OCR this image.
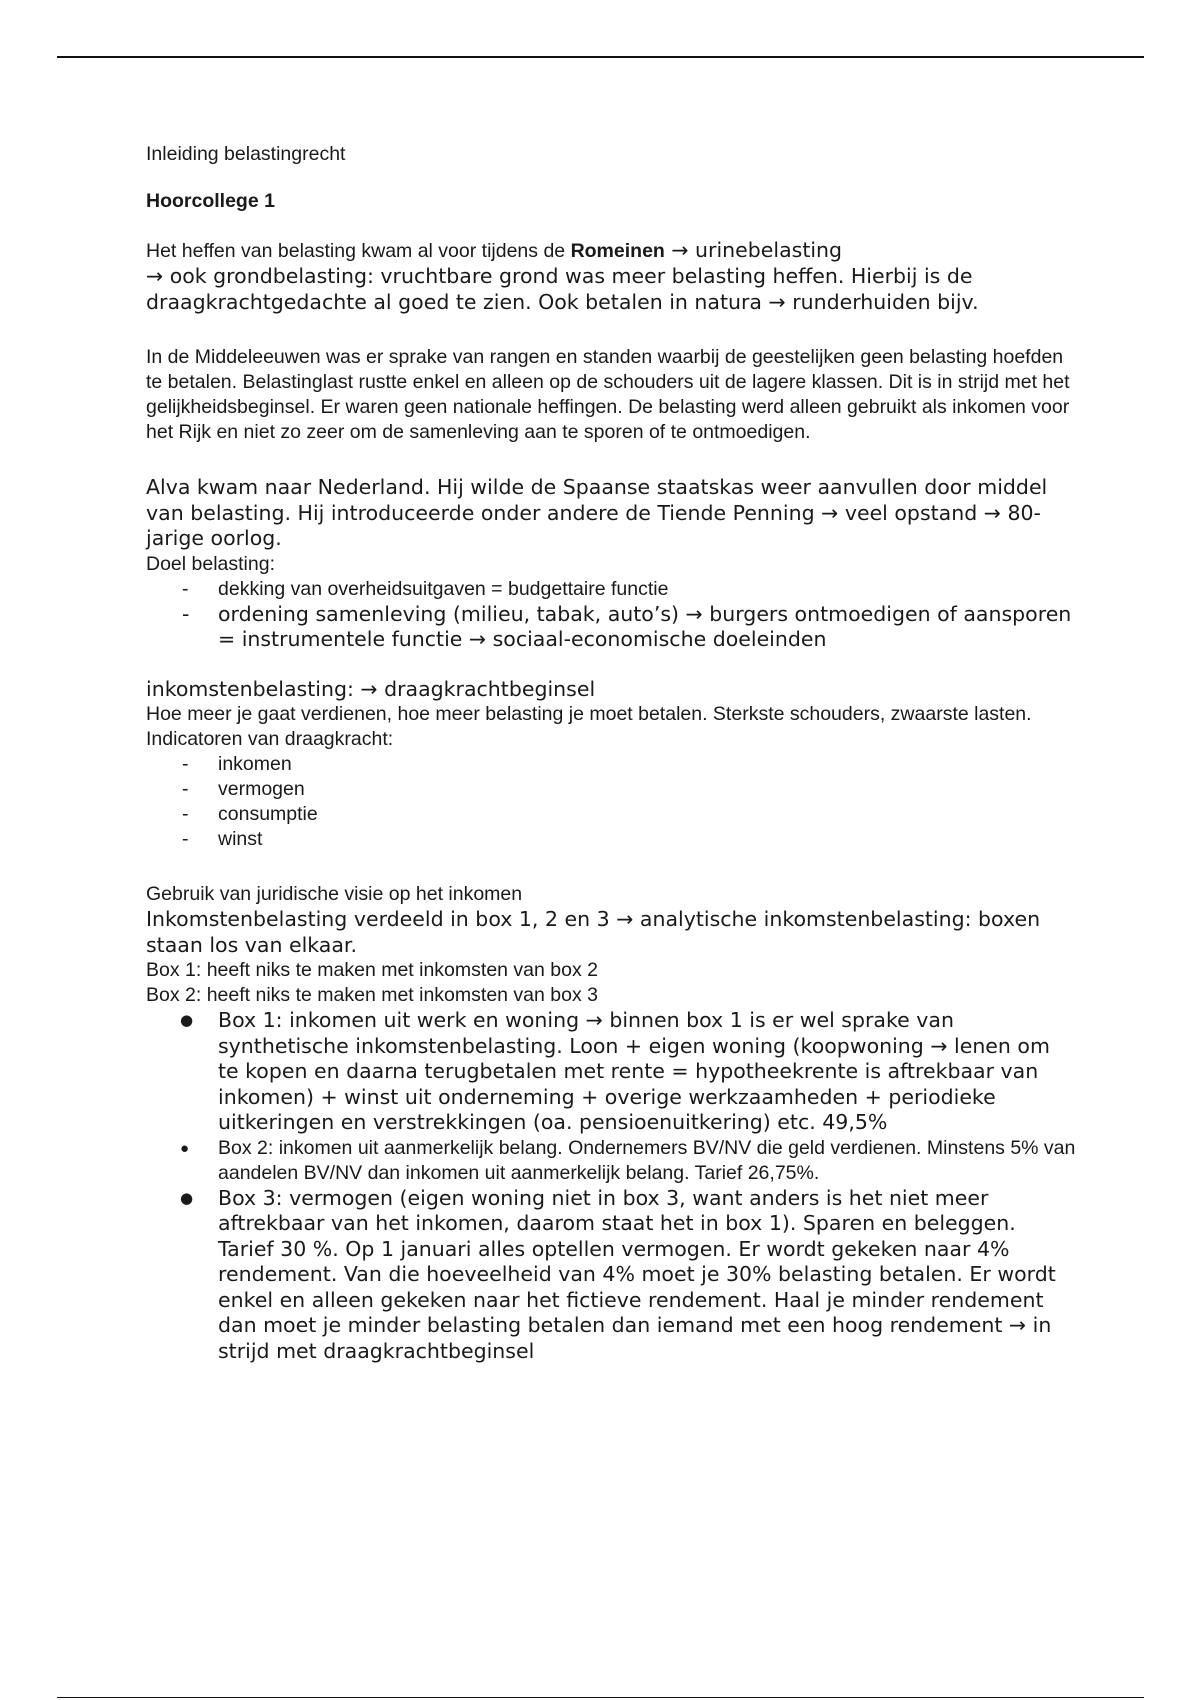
Inleiding belastingrecht

Hoorcollege 1

Het heffen van belasting kwam al voor tijdens de Romeinen → urinebelasting

→ ook grondbelasting: vruchtbare grond was meer belasting heffen. Hierbij is de draagkrachtgedachte al goed te zien. Ook betalen in natura → runderhuiden bijv.

In de Middeleeuwen was er sprake van rangen en standen waarbij de geestelijken geen belasting hoefden te betalen. Belastinglast rustte enkel en alleen op de schouders uit de lagere klassen. Dit is in strijd met het gelijkheidsbeginsel. Er waren geen nationale heffingen. De belasting werd alleen gebruikt als inkomen voor het Rijk en niet zo zeer om de samenleving aan te sporen of te ontmoedigen.

Alva kwam naar Nederland. Hij wilde de Spaanse staatskas weer aanvullen door middel van belasting. Hij introduceerde onder andere de Tiende Penning → veel opstand → 80-jarige oorlog.

Doel belasting:

- dekking van overheidsuitgaven = budgettaire functie
- ordening samenleving (milieu, tabak, auto’s) → burgers ontmoedigen of aansporen = instrumentele functie → sociaal-economische doeleinden

inkomstenbelasting: → draagkrachtbeginsel

Hoe meer je gaat verdienen, hoe meer belasting je moet betalen. Sterkste schouders, zwaarste lasten.

Indicatoren van draagkracht:

- inkomen
- vermogen
- consumptie
- winst

Gebruik van juridische visie op het inkomen

Inkomstenbelasting verdeeld in box 1, 2 en 3 → analytische inkomstenbelasting: boxen staan los van elkaar.

Box 1: heeft niks te maken met inkomsten van box 2

Box 2: heeft niks te maken met inkomsten van box 3

● Box 1: inkomen uit werk en woning → binnen box 1 is er wel sprake van synthetische inkomstenbelasting. Loon + eigen woning (koopwoning → lenen om te kopen en daarna terugbetalen met rente = hypotheekrente is aftrekbaar van inkomen) + winst uit onderneming + overige werkzaamheden + periodieke uitkeringen en verstrekkingen (oa. pensioenuitkering) etc. 49,5%
● Box 2: inkomen uit aanmerkelijk belang. Ondernemers BV/NV die geld verdienen. Minstens 5% van aandelen BV/NV dan inkomen uit aanmerkelijk belang. Tarief 26,75%.
● Box 3: vermogen (eigen woning niet in box 3, want anders is het niet meer aftrekbaar van het inkomen, daarom staat het in box 1). Sparen en beleggen. Tarief 30 %. Op 1 januari alles optellen vermogen. Er wordt gekeken naar 4% rendement. Van die hoeveelheid van 4% moet je 30% belasting betalen. Er wordt enkel en alleen gekeken naar het fictieve rendement. Haal je minder rendement dan moet je minder belasting betalen dan iemand met een hoog rendement → in strijd met draagkrachtbeginsel
